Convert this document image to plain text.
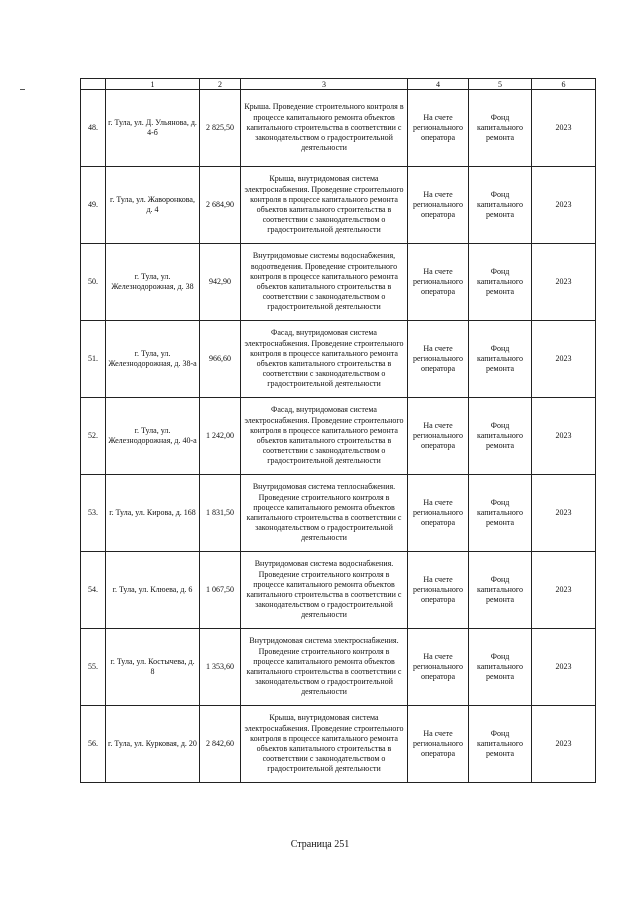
	1	2	3	4	5	6
48.	г. Тула, ул. Д. Ульянова, д. 4-б	2 825,50	Крыша. Проведение строительного контроля в процессе капитального ремонта объектов капитального строительства в соответствии с законодательством о градостроительной деятельности	На счете регионального оператора	Фонд капитального ремонта	2023
49.	г. Тула, ул. Жаворонкова, д. 4	2 684,90	Крыша, внутридомовая система электроснабжения. Проведение строительного контроля в процессе капитального ремонта объектов капитального строительства в соответствии с законодательством о градостроительной деятельности	На счете регионального оператора	Фонд капитального ремонта	2023
50.	г. Тула, ул. Железнодорожная, д. 38	942,90	Внутридомовые системы водоснабжения, водоотведения. Проведение строительного контроля в процессе капитального ремонта объектов капитального строительства в соответствии с законодательством о градостроительной деятельности	На счете регионального оператора	Фонд капитального ремонта	2023
51.	г. Тула, ул. Железнодорожная, д. 38-а	966,60	Фасад, внутридомовая система электроснабжения. Проведение строительного контроля в процессе капитального ремонта объектов капитального строительства в соответствии с законодательством о градостроительной деятельности	На счете регионального оператора	Фонд капитального ремонта	2023
52.	г. Тула, ул. Железнодорожная, д. 40-а	1 242,00	Фасад, внутридомовая система электроснабжения. Проведение строительного контроля в процессе капитального ремонта объектов капитального строительства в соответствии с законодательством о градостроительной деятельности	На счете регионального оператора	Фонд капитального ремонта	2023
53.	г. Тула, ул. Кирова, д. 168	1 831,50	Внутридомовая система теплоснабжения. Проведение строительного контроля в процессе капитального ремонта объектов капитального строительства в соответствии с законодательством о градостроительной деятельности	На счете регионального оператора	Фонд капитального ремонта	2023
54.	г. Тула, ул. Клюева, д. 6	1 067,50	Внутридомовая система водоснабжения. Проведение строительного контроля в процессе капитального ремонта объектов капитального строительства в соответствии с законодательством о градостроительной деятельности	На счете регионального оператора	Фонд капитального ремонта	2023
55.	г. Тула, ул. Костычева, д. 8	1 353,60	Внутридомовая система электроснабжения. Проведение строительного контроля в процессе капитального ремонта объектов капитального строительства в соответствии с законодательством о градостроительной деятельности	На счете регионального оператора	Фонд капитального ремонта	2023
56.	г. Тула, ул. Курковая, д. 20	2 842,60	Крыша, внутридомовая система электроснабжения. Проведение строительного контроля в процессе капитального ремонта объектов капитального строительства в соответствии с законодательством о градостроительной деятельности	На счете регионального оператора	Фонд капитального ремонта	2023
Страница 251
